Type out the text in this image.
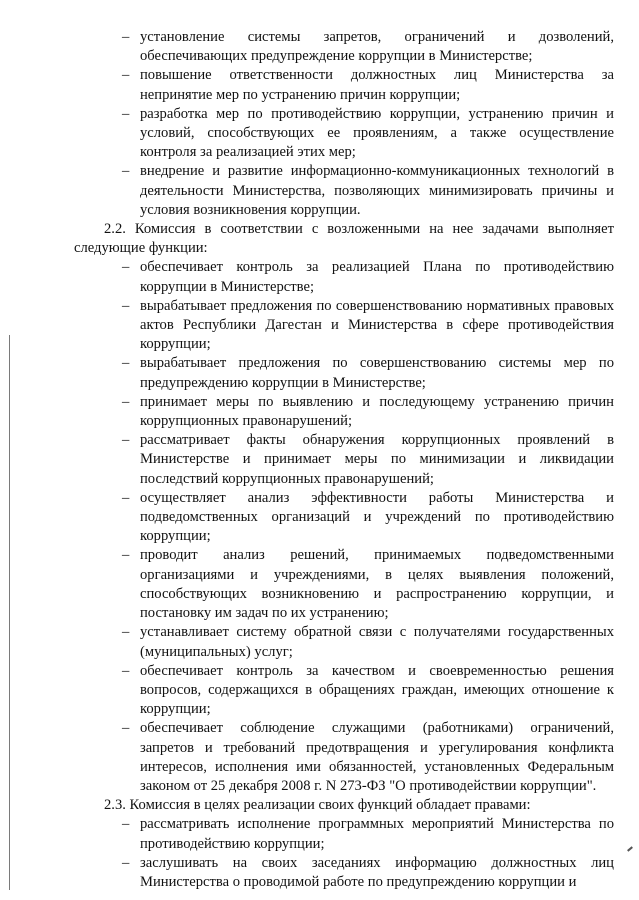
– установление системы запретов, ограничений и дозволений, обеспечивающих предупреждение коррупции в Министерстве;
– повышение ответственности должностных лиц Министерства за непринятие мер по устранению причин коррупции;
– разработка мер по противодействию коррупции, устранению причин и условий, способствующих ее проявлениям, а также осуществление контроля за реализацией этих мер;
– внедрение и развитие информационно-коммуникационных технологий в деятельности Министерства, позволяющих минимизировать причины и условия возникновения коррупции.

2.2. Комиссия в соответствии с возложенными на нее задачами выполняет следующие функции:

– обеспечивает контроль за реализацией Плана по противодействию коррупции в Министерстве;
– вырабатывает предложения по совершенствованию нормативных правовых актов Республики Дагестан и Министерства в сфере противодействия коррупции;
– вырабатывает предложения по совершенствованию системы мер по предупреждению коррупции в Министерстве;
– принимает меры по выявлению и последующему устранению причин коррупционных правонарушений;
– рассматривает факты обнаружения коррупционных проявлений в Министерстве и принимает меры по минимизации и ликвидации последствий коррупционных правонарушений;
– осуществляет анализ эффективности работы Министерства и подведомственных организаций и учреждений по противодействию коррупции;
– проводит анализ решений, принимаемых подведомственными организациями и учреждениями, в целях выявления положений, способствующих возникновению и распространению коррупции, и постановку им задач по их устранению;
– устанавливает систему обратной связи с получателями государственных (муниципальных) услуг;
– обеспечивает контроль за качеством и своевременностью решения вопросов, содержащихся в обращениях граждан, имеющих отношение к коррупции;
– обеспечивает соблюдение служащими (работниками) ограничений, запретов и требований предотвращения и урегулирования конфликта интересов, исполнения ими обязанностей, установленных Федеральным законом от 25 декабря 2008 г. N 273-ФЗ "О противодействии коррупции".

2.3. Комиссия в целях реализации своих функций обладает правами:

– рассматривать исполнение программных мероприятий Министерства по противодействию коррупции;
– заслушивать на своих заседаниях информацию должностных лиц Министерства о проводимой работе по предупреждению коррупции и
